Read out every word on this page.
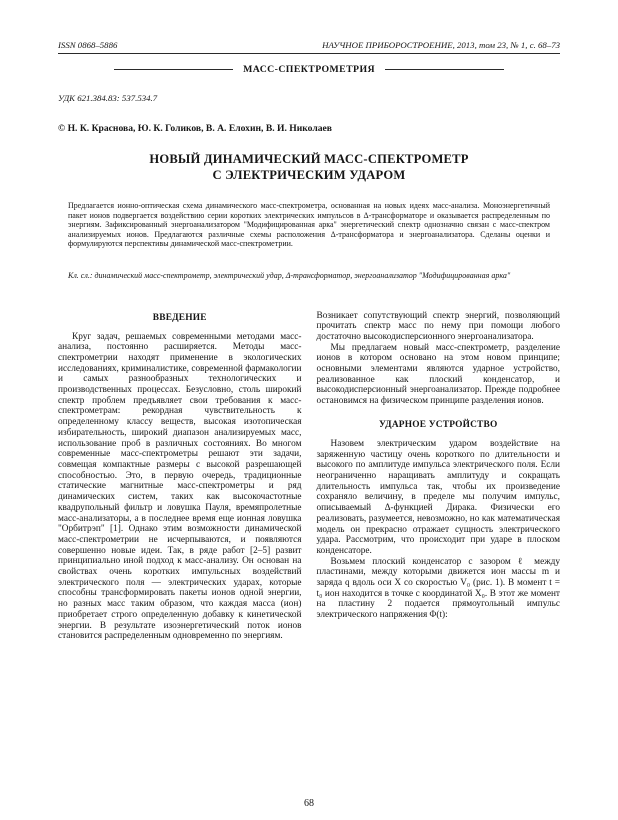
ISSN 0868–5886	НАУЧНОЕ ПРИБОРОСТРОЕНИЕ, 2013, том 23, № 1, c. 68–73
МАСС-СПЕКТРОМЕТРИЯ
УДК 621.384.83: 537.534.7
© Н. К. Краснова, Ю. К. Голиков, В. А. Елохин, В. И. Николаев
НОВЫЙ ДИНАМИЧЕСКИЙ МАСС-СПЕКТРОМЕТР
С ЭЛЕКТРИЧЕСКИМ УДАРОМ

Предлагается ионно-оптическая схема динамического масс-спектрометра, основанная на новых идеях масс-анализа. Моноэнергетичный пакет ионов подвергается воздействию серии коротких электрических импульсов в Δ-трансформаторе и оказывается распределенным по энергиям. Зафиксированный энергоанализатором "Модифицированная арка" энергетический спектр однозначно связан с масс-спектром анализируемых ионов. Предлагаются различные схемы расположения Δ-трансформатора и энергоанализатора. Сделаны оценки и формулируются перспективы динамической масс-спектрометрии.

Кл. сл.: динамический масс-спектрометр, электрический удар, Δ-трансформатор, энергоанализатор "Модифицированная арка"

ВВЕДЕНИЕ

Круг задач, решаемых современными методами масс-анализа, постоянно расширяется. Методы масс-спектрометрии находят применение в экологических исследованиях, криминалистике, современной фармакологии и самых разнообразных технологических и производственных процессах. Безусловно, столь широкий спектр проблем предъявляет свои требования к масс-спектрометрам: рекордная чувствительность к определенному классу веществ, высокая изотопическая избирательность, широкий диапазон анализируемых масс, использование проб в различных состояниях. Во многом современные масс-спектрометры решают эти задачи, совмещая компактные размеры с высокой разрешающей способностью. Это, в первую очередь, традиционные статические магнитные масс-спектрометры и ряд динамических систем, таких как высокочастотные квадрупольный фильтр и ловушка Пауля, времяпролетные масс-анализаторы, а в последнее время еще ионная ловушка "Орбитрэп" [1]. Однако этим возможности динамической масс-спектрометрии не исчерпываются, и появляются совершенно новые идеи. Так, в ряде работ [2–5] развит принципиально иной подход к масс-анализу. Он основан на свойствах очень коротких импульсных воздействий электрического поля — электрических ударах, которые способны трансформировать пакеты ионов одной энергии, но разных масс таким образом, что каждая масса (ион) приобретает строго определенную добавку к кинетической энергии. В результате изоэнергетический поток ионов становится распределенным одновременно по энергиям.

Возникает сопутствующий спектр энергий, позволяющий прочитать спектр масс по нему при помощи любого достаточно высокодисперсионного энергоанализатора.

Мы предлагаем новый масс-спектрометр, разделение ионов в котором основано на этом новом принципе; основными элементами являются ударное устройство, реализованное как плоский конденсатор, и высокодисперсионный энергоанализатор. Прежде подробнее остановимся на физическом принципе разделения ионов.

УДАРНОЕ УСТРОЙСТВО

Назовем электрическим ударом воздействие на заряженную частицу очень короткого по длительности и высокого по амплитуде импульса электрического поля. Если неограниченно наращивать амплитуду и сокращать длительность импульса так, чтобы их произведение сохраняло величину, в пределе мы получим импульс, описываемый Δ-функцией Дирака. Физически его реализовать, разумеется, невозможно, но как математическая модель он прекрасно отражает сущность электрического удара. Рассмотрим, что происходит при ударе в плоском конденсаторе.

Возьмем плоский конденсатор с зазором ℓ между пластинами, между которыми движется ион массы m и заряда q вдоль оси X со скоростью V₀ (рис. 1). В момент t = t₀ ион находится в точке с координатой X₀. В этот же момент на пластину 2 подается прямоугольный импульс электрического напряжения Φ(t):

68
